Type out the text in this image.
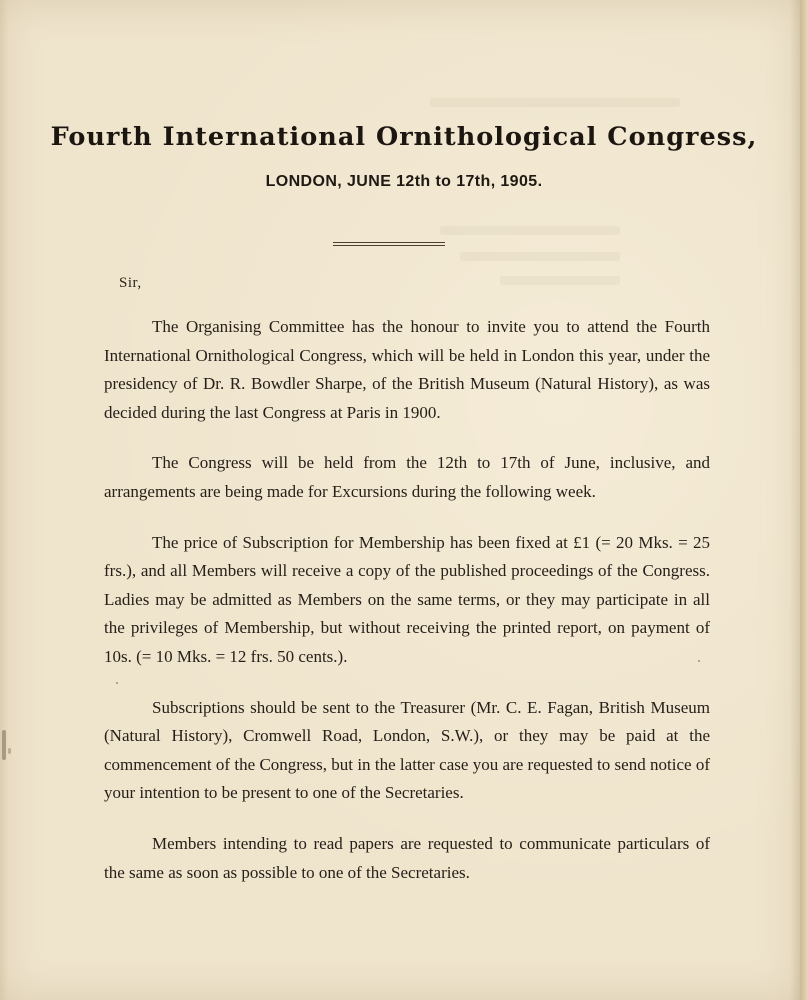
Fourth International Ornithological Congress,
LONDON, JUNE 12th to 17th, 1905.
Sir,

The Organising Committee has the honour to invite you to attend the Fourth International Ornithological Congress, which will be held in London this year, under the presidency of Dr. R. Bowdler Sharpe, of the British Museum (Natural History), as was decided during the last Congress at Paris in 1900.

The Congress will be held from the 12th to 17th of June, inclusive, and arrangements are being made for Excursions during the following week.

The price of Subscription for Membership has been fixed at £1 (= 20 Mks. = 25 frs.), and all Members will receive a copy of the published proceedings of the Congress. Ladies may be admitted as Members on the same terms, or they may participate in all the privileges of Membership, but without receiving the printed report, on payment of 10s. (= 10 Mks. = 12 frs. 50 cents.).

Subscriptions should be sent to the Treasurer (Mr. C. E. Fagan, British Museum (Natural History), Cromwell Road, London, S.W.), or they may be paid at the commencement of the Congress, but in the latter case you are requested to send notice of your intention to be present to one of the Secretaries.

Members intending to read papers are requested to communicate particulars of the same as soon as possible to one of the Secretaries.
